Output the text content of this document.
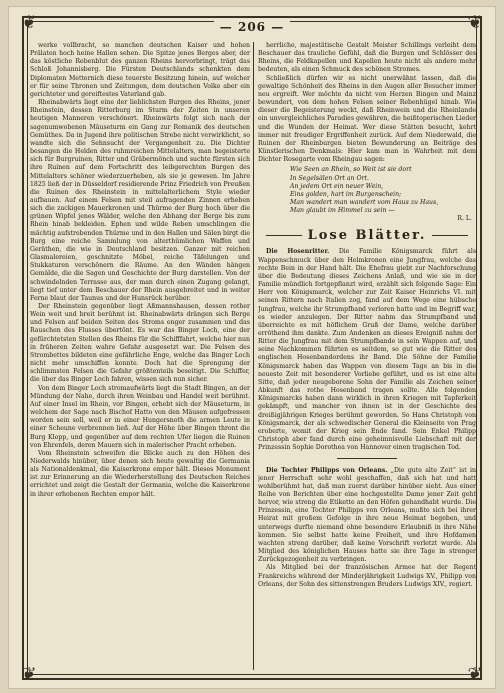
❦	❦
❦	❦
— 206 —

werke vollbracht, so manchen deutschen Kaiser und hohen Prälaten hoch heine Hallen sehen. Die Spitze jenes Berges aber, der das köstliche Rebenblut des ganzen Rheins hervorbringt, trägt das Schloß Johannisberg. Die Fürsten Deutschlands schenkten dem Diplomaten Metternich diese teuerste Besitzung hinein, auf welcher er für seine Thronen und Zeitungen, dem deutschen Volke aber ein gerichteter und gereiftestes Vaterland gab.

Rheinabwärts liegt eine der lieblichsten Burgen des Rheins, jener Rheinstein, dessen Ritterburg im Sturm der Zeiten in unseren heutigen Manneren verschönert. Rheinwärts folgt sich nach der sagenumwobenen Mäuseturm ein Gang zur Romanik des deutschen Gemüthes. Da in Jugend ihre politischen Strebe nicht verwirklicht, so wandte sich die Sehnsucht der Vergangenheit zu. Die Dichter besangen die Helden des ruhmreichen Mittelalters, man begeisterte sich für Burgruinen, Ritter und Gräbermönch und suchte fürsten sich ihre Ruinen auf dem Fortschritt des leibgerechten Burgen des Mittelalters schöner wiederzuerheben, als sie je gewesen. Im Jahre 1825 ließ der in Düsseldorf residierende Prinz Friedrich von Preußen die Ruinen des Rheinstein in mittelalterlichem Style wieder aufbauen. Auf einem Felsen mit steil aufragenden Zinnen erheben sich die zackigen Mauerkronen und Thürme der Burg hoch über die grünen Wipfel jenes Wälder, welche den Abhang der Berge bis zum Rhein hinab bekleiden. Ephen und wilde Reben umschlingen die mächtig aufstrebenden Thürme und in den Hallen und Sälen birgt die Burg eine reiche Sammlung von alterthümlichen Waffen und Geräthen, die wie in Deutschland besitzen. Ganzer mit reichen Glasmalereien, geschnitzte Möbel, reiche Täfelungen und Stukkaturen verschönern die Räume. An den Wänden hängen Gemälde, die die Sagen und Geschichte der Burg darstellen. Von der schwindelnden Terrasse aus, der man durch einen Zugang gelangt, liegt tief unter dem Beschauer der Rhein ausgebreitet und in weiter Ferne blaut der Taunus und der Hunsrück herüber.

Der Rheinstein gegenüber liegt Aßmannshausen, dessen rother Wein weit und breit berühmt ist. Rheinabwärts drängen sich Berge und Felsen auf beiden Seiten des Stroms enger zusammen und das Rauschen des Flusses übertönt. Es war das Binger Loch, eine der gefürchtetsten Stellen des Rheins für die Schifffahrt, welche hier nun in früheren Zeiten wahre Gefahr ausgesetzt war. Die Felsen des Strombettes bildeten eine gefährliche Enge, welche das Binger Loch nicht mehr umschiffen konnte. Doch hat die Sprengung der schlimmsten Felsen die Gefahr größtenteils beseitigt. Die Schiffer, die über das Binger Loch fahren, wissen sich nun sicher.

Von dem Binger Loch stromaufwärts liegt die Stadt Bingen, an der Mündung der Nahe, durch ihren Weinbau und Handel weit berühmt. Auf einer Insel im Rhein, vor Bingen, erhebt sich der Mäuseturm, in welchem der Sage nach Bischof Hatto von den Mäusen aufgefressen worden sein soll, weil er in einer Hungersnoth die armen Leute in einer Scheune verbrennen ließ. Auf der Höhe über Bingen thront die Burg Klopp, und gegenüber auf dem rechten Ufer liegen die Ruinen von Ehrenfels, deren Mauern sich in malerischer Pracht erheben.

Vom Rheinstein schweifen die Blicke auch zu den Höhen des Niederwalds hinüber, über denen sich heute gewaltig die Germania als Nationaldenkmal, die Kaiserkrone empor hält. Dieses Monument ist zur Erinnerung an die Wiederherstellung des Deutschen Reiches errichtet und zeigt die Gestalt der Germania, welche die Kaiserkrone in ihrer erhobenen Rechten empor hält.

herrliche, majestätische Gestalt Meister Schillings verleiht dem Beschauer das trauliche Gefühl, daß die Burgen und Schlösser des Rheins, die Feldkapellen und Kapellen heute nicht als andere mehr bedeuten, als einen Schmuck des schönen Stromes.

Schließlich dürfen wir es nicht unerwähnt lassen, daß die gewaltige Schönheit des Rheins in den Augen aller Besucher immer neu ergreift. Wer möchte da nicht von Herzen Bingen und Mainz bewundert, von dem hohen Felsen seiner Rebenhügel hinab. Wie dieser die Begeisterung weckt, daß Rheinwein und die Rheinlande ein unvergleichliches Paradies gewähren, die heißtoperischen Lieder und die Wunden der Heimat. Wer diese Stätten besucht, kehrt immer mit freudiger Ergriffenheit zurück. Auf dem Niederwald, die Ruinen der Rheinburgen bieten Bewunderung an Beiträge des Künstlerischen Denkmals: Hier kam man in Wahrheit mit dem Dichter Rosegarte vom Rheingau sagen:

Wie Seen an Rhein, so Weit ist sie dort
In Segelsälen Ort an Ort.
An jedem Ort ein neuer Wein,
Eins golden, hart im Burgenschein;
Man wandert man wandert vom Haus zu Haus,
Man glaubt im Himmel zu sein —
R. L.
Lose Blätter.

Die Hosenritter. Die Familie Königsmarck führt als Wappenschmuck über den Helmkronen eine Jungfrau, welche das rechte Bein in der Hand hält. Die Ehefrau giebt zur Nachforschung über die Bedeutung dieses Zeichens Anlaß, und wie sie in der Familie mündlich fortgepflanzt wird, erzählt sich folgende Sage: Ein Herr von Königsmarck, welcher zur Zeit Kaiser Heinrichs VI. mit seinen Rittern nach Italien zog, fand auf dem Wege eine hübsche Jungfrau, welche ihr Strumpfband verloren hatte und im Begriff war, es wieder anzulegen. Der Ritter nahm das Strumpfband und überreichte es mit höflichem Gruß der Dame, welche darüber erröthend ihm dankte. Zum Andenken an dieses Ereigniß nahm der Ritter die Jungfrau mit dem Strumpfbande in sein Wappen auf, und seine Nachkommen führten es seitdem, so gut wie die Ritter des englischen Hosenbandordens ihr Band. Die Söhne der Familie Königsmarck haben das Wappen von diesem Tage an bis in die neueste Zeit mit besonderer Vorliebe geführt, und es ist eine alte Sitte, daß jeder neugeborene Sohn der Familie als Zeichen seiner Abkunft das rothe Hosenband tragen sollte. Alle folgenden Königsmarcks haben dann wirklich in ihren Kriegen mit Tapferkeit gekämpft, und mancher von ihnen ist in der Geschichte des dreißigjährigen Krieges berühmt geworden. So Hans Christoph von Königsmarck, der als schwedischer General die Kleinseite von Prag eroberte, womit der Krieg sein Ende fand. Sein Enkel Philipp Christoph aber fand durch eine geheimnisvolle Liebschaft mit der Prinzessin Sophie Dorothea von Hannover einen tragischen Tod.

Die Tochter Philipps von Orleans. „Die gute alte Zeit“ ist in jener Herrschaft sehr wohl geschaffen, daß sich hat und hatt wohlberühmt hat, daß man zuerst darüber hinüber sieht. Aus einer Reihe von Berichten über eine hochgestellte Dame jener Zeit geht hervor, wie streng die Etikette an den Höfen gehandhabt wurde. Die Prinzessin, eine Tochter Philipps von Orleans, mußte sich bei ihrer Heirat mit großem Gefolge in ihre neue Heimat begeben, und unterwegs durfte niemand ohne besondere Erlaubniß in ihre Nähe kommen. Sie selbst hatte keine Freiheit, und ihre Hofdamen wachten streng darüber, daß keine Vorschrift verletzt wurde. Als Mitglied des königlichen Hauses hatte sie ihre Tage in strenger Zurückgezogenheit zu verbringen.

Als Mitglied bei der französischen Armee hat der Regent Frankreichs während der Minderjährigkeit Ludwigs XV., Philipp von Orleans, der Sohn des sittenstrengen Bruders Ludwigs XIV., regiert.
